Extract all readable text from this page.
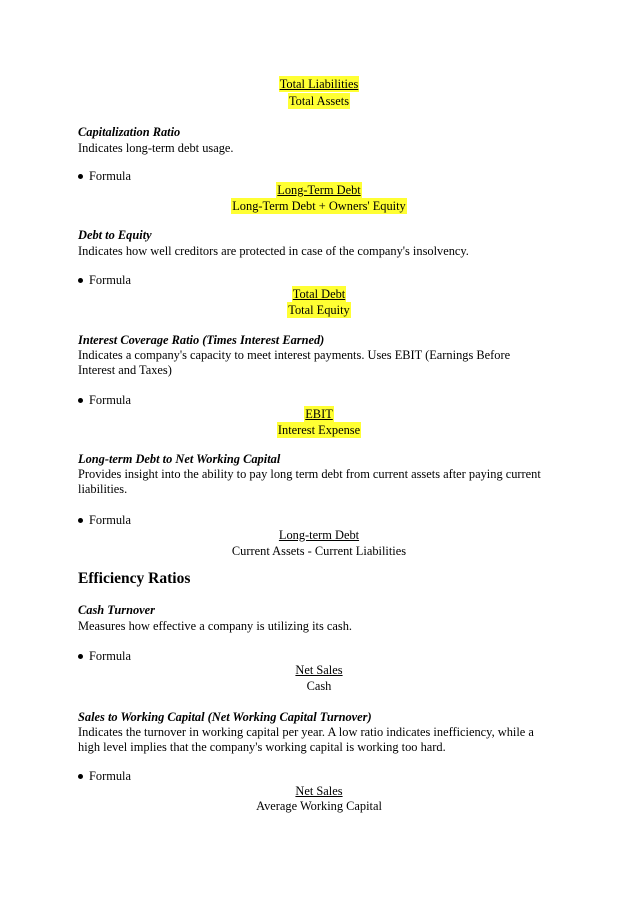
Total Liabilities
Total Assets
Capitalization Ratio
Indicates long-term debt usage.
Formula
Long-Term Debt
Long-Term Debt + Owners' Equity
Debt to Equity
Indicates how well creditors are protected in case of the company's insolvency.
Formula
Total Debt
Total Equity
Interest Coverage Ratio (Times Interest Earned)
Indicates a company's capacity to meet interest payments. Uses EBIT (Earnings Before
Interest and Taxes)
Formula
EBIT
Interest Expense
Long-term Debt to Net Working Capital
Provides insight into the ability to pay long term debt from current assets after paying current
liabilities.
Formula
Long-term Debt
Current Assets - Current Liabilities
Efficiency Ratios
Cash Turnover
Measures how effective a company is utilizing its cash.
Formula
Net Sales
Cash
Sales to Working Capital (Net Working Capital Turnover)
Indicates the turnover in working capital per year. A low ratio indicates inefficiency, while a
high level implies that the company's working capital is working too hard.
Formula
Net Sales
Average Working Capital
